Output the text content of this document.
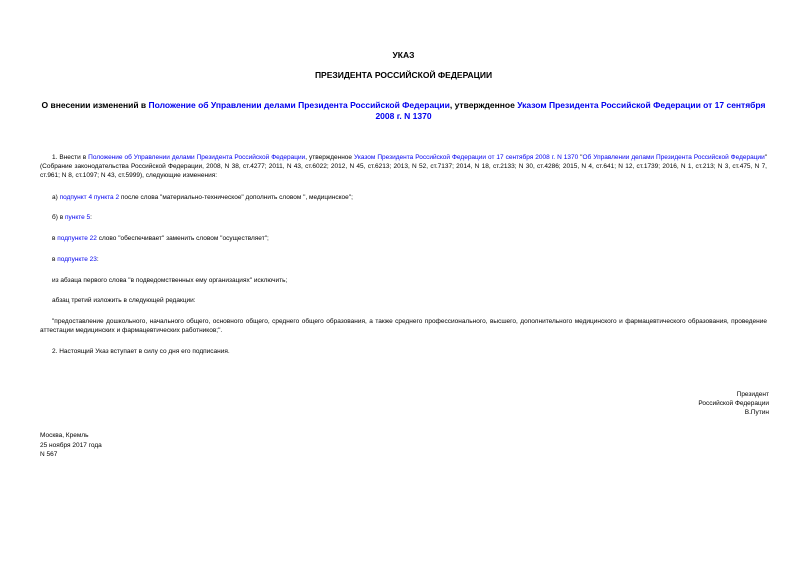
УКАЗ
ПРЕЗИДЕНТА РОССИЙСКОЙ ФЕДЕРАЦИИ
О внесении изменений в Положение об Управлении делами Президента Российской Федерации, утвержденное Указом Президента Российской Федерации от 17 сентября 2008 г. N 1370
1. Внести в Положение об Управлении делами Президента Российской Федерации, утвержденное Указом Президента Российской Федерации от 17 сентября 2008 г. N 1370 "Об Управлении делами Президента Российской Федерации" (Собрание законодательства Российской Федерации, 2008, N 38, ст.4277; 2011, N 43, ст.6022; 2012, N 45, ст.6213; 2013, N 52, ст.7137; 2014, N 18, ст.2133; N 30, ст.4286; 2015, N 4, ст.641; N 12, ст.1739; 2016, N 1, ст.213; N 3, ст.475, N 7, ст.961; N 8, ст.1097; N 43, ст.5999), следующие изменения:
а) подпункт 4 пункта 2 после слова "материально-техническое" дополнить словом ", медицинское";
б) в пункте 5:
в подпункте 22 слово "обеспечивает" заменить словом "осуществляет";
в подпункте 23:
из абзаца первого слова "в подведомственных ему организациях" исключить;
абзац третий изложить в следующей редакции:
"предоставление дошкольного, начального общего, основного общего, среднего общего образования, а также среднего профессионального, высшего, дополнительного медицинского и фармацевтического образования, проведение аттестации медицинских и фармацевтических работников;".
2. Настоящий Указ вступает в силу со дня его подписания.
Президент
Российской Федерации
В.Путин
Москва, Кремль
25 ноября 2017 года
N 567
